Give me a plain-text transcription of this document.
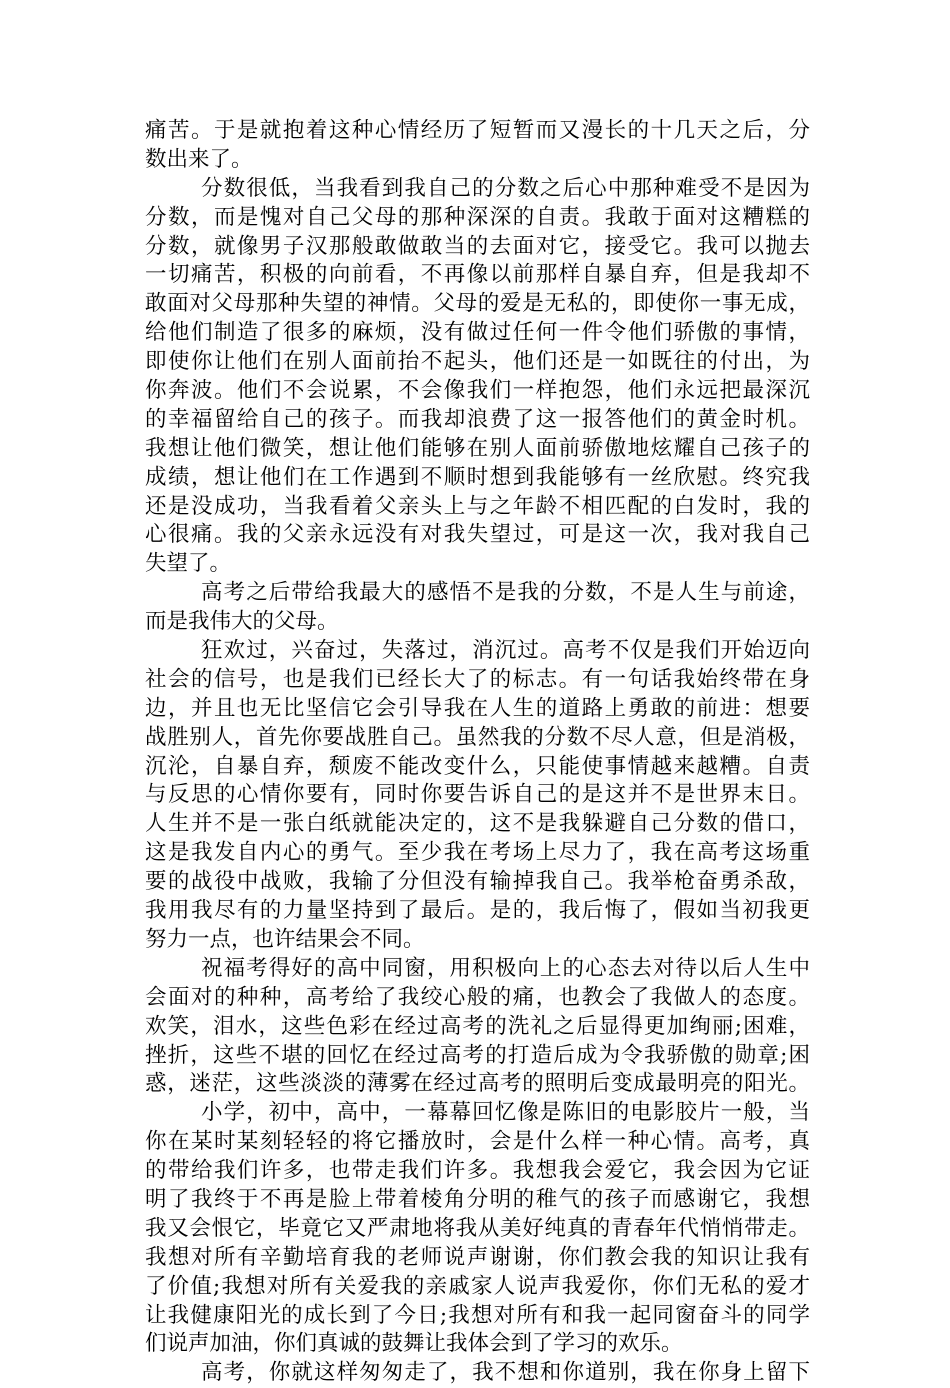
痛苦。于是就抱着这种心情经历了短暂而又漫长的十几天之后，分
数出来了。
分数很低，当我看到我自己的分数之后心中那种难受不是因为
分数，而是愧对自己父母的那种深深的自责。我敢于面对这糟糕的
分数，就像男子汉那般敢做敢当的去面对它，接受它。我可以抛去
一切痛苦，积极的向前看，不再像以前那样自暴自弃，但是我却不
敢面对父母那种失望的神情。父母的爱是无私的，即使你一事无成，
给他们制造了很多的麻烦，没有做过任何一件令他们骄傲的事情，
即使你让他们在别人面前抬不起头，他们还是一如既往的付出，为
你奔波。他们不会说累，不会像我们一样抱怨，他们永远把最深沉
的幸福留给自己的孩子。而我却浪费了这一报答他们的黄金时机。
我想让他们微笑，想让他们能够在别人面前骄傲地炫耀自己孩子的
成绩，想让他们在工作遇到不顺时想到我能够有一丝欣慰。终究我
还是没成功，当我看着父亲头上与之年龄不相匹配的白发时，我的
心很痛。我的父亲永远没有对我失望过，可是这一次，我对我自己
失望了。
高考之后带给我最大的感悟不是我的分数，不是人生与前途，
而是我伟大的父母。
狂欢过，兴奋过，失落过，消沉过。高考不仅是我们开始迈向
社会的信号，也是我们已经长大了的标志。有一句话我始终带在身
边，并且也无比坚信它会引导我在人生的道路上勇敢的前进：想要
战胜别人，首先你要战胜自己。虽然我的分数不尽人意，但是消极，
沉沦，自暴自弃，颓废不能改变什么，只能使事情越来越糟。自责
与反思的心情你要有，同时你要告诉自己的是这并不是世界末日。
人生并不是一张白纸就能决定的，这不是我躲避自己分数的借口，
这是我发自内心的勇气。至少我在考场上尽力了，我在高考这场重
要的战役中战败，我输了分但没有输掉我自己。我举枪奋勇杀敌，
我用我尽有的力量坚持到了最后。是的，我后悔了，假如当初我更
努力一点，也许结果会不同。
祝福考得好的高中同窗，用积极向上的心态去对待以后人生中
会面对的种种，高考给了我绞心般的痛，也教会了我做人的态度。
欢笑，泪水，这些色彩在经过高考的洗礼之后显得更加绚丽;困难，
挫折，这些不堪的回忆在经过高考的打造后成为令我骄傲的勋章;困
惑，迷茫，这些淡淡的薄雾在经过高考的照明后变成最明亮的阳光。
小学，初中，高中，一幕幕回忆像是陈旧的电影胶片一般，当
你在某时某刻轻轻的将它播放时，会是什么样一种心情。高考，真
的带给我们许多，也带走我们许多。我想我会爱它，我会因为它证
明了我终于不再是脸上带着棱角分明的稚气的孩子而感谢它，我想
我又会恨它，毕竟它又严肃地将我从美好纯真的青春年代悄悄带走。
我想对所有辛勤培育我的老师说声谢谢，你们教会我的知识让我有
了价值;我想对所有关爱我的亲戚家人说声我爱你，你们无私的爱才
让我健康阳光的成长到了今日;我想对所有和我一起同窗奋斗的同学
们说声加油，你们真诚的鼓舞让我体会到了学习的欢乐。
高考，你就这样匆匆走了，我不想和你道别，我在你身上留下
